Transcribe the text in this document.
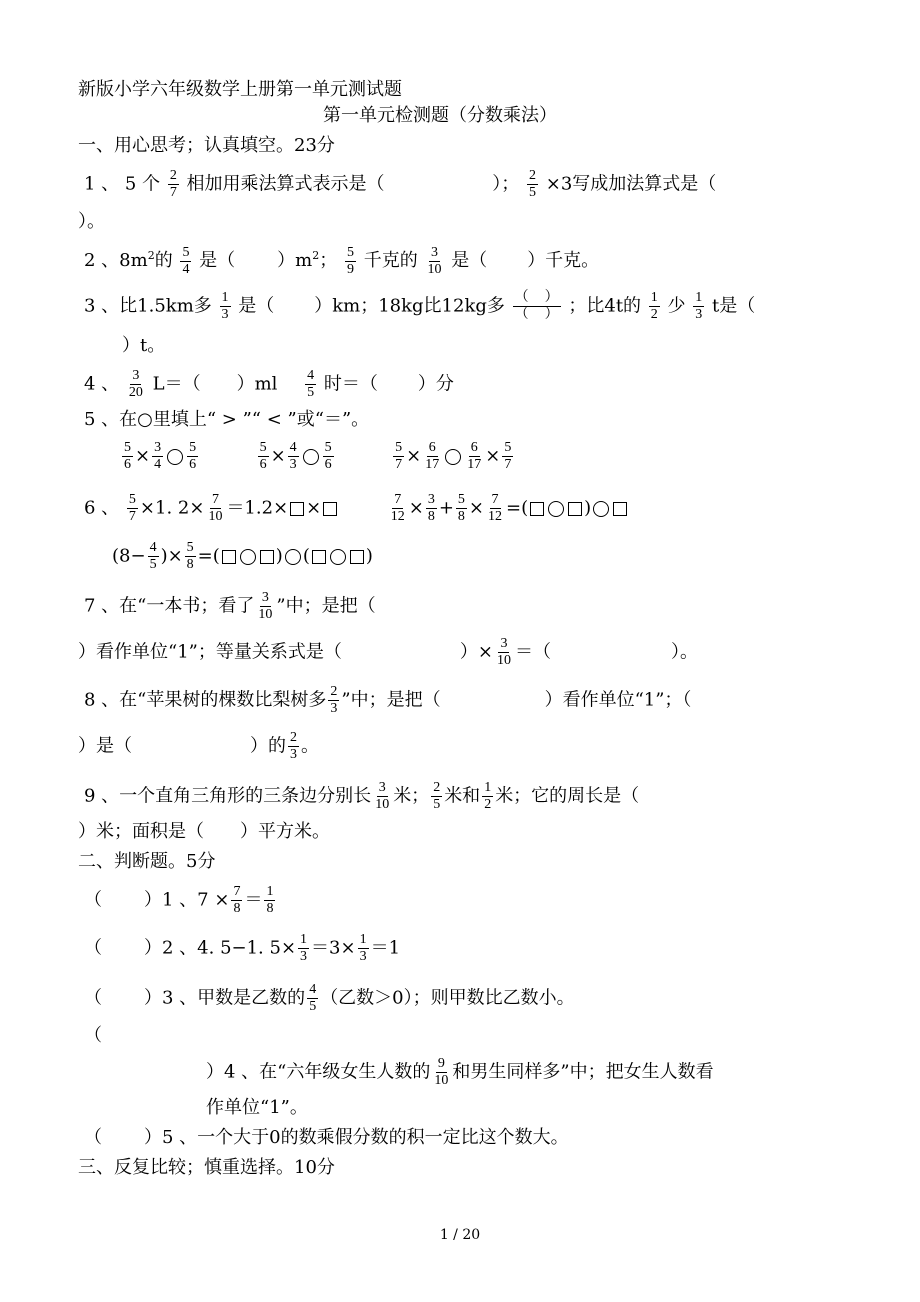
新版小学六年级数学上册第一单元测试题
第一单元检测题（分数乘法）
一、用心思考；认真填空。23分
1 、 5 个 $\frac{2}{7}$ 相加用乘法算式表示是（	）； $\frac{2}{5} \times 3$写成加法算式是（
）。
2 、$8m^2$的 $\frac{5}{4}$ 是（ ）$m^2$； $\frac{5}{9}$ 千克的 $\frac{3}{10}$ 是（ ）千克。
3 、比1.5km多 $\frac{1}{3}$ 是（ ）km；18kg比12kg多 $\frac{( )}{( )}$ ；比4t的 $\frac{1}{2}$ 少 $\frac{1}{3}$ t是（
）t。
4 、 $\frac{3}{20} L=$（ ）$ml \frac{4}{5}$ 时＝（ ）分
5 、在○里填上“ > ”“ < ”或“＝”。
$\frac{5}{6} \times \frac{3}{4} \frac{5}{6}$
	$\frac{5}{6} \times \frac{4}{3} \frac{5}{6}$
	$\frac{5}{7} \times \frac{6}{17} \frac{6}{17} \times \frac{5}{7}$
6 、 $\frac{5}{7} \times 1$. $2\times \frac{7}{10} =1.2\times$ ×	$\frac{7}{12} \times \frac{3}{8} + \frac{5}{8} \times \frac{7}{12}$ =(	)
($8- \frac{4}{5}$ )× $\frac{5}{8}$ =(	) (	)
7 、在“一本书；看了 $\frac{3}{10}$ ”中；是把（
）看作单位“1”；等量关系式是（	）× $\frac{3}{10}$ ＝（	）。
8 、在“苹果树的棵数比梨树多 $\frac{2}{3}$ ”中；是把（	）看作单位“1”；（
）是（	）的 $\frac{2}{3}$ 。
9 、一个直角三角形的三条边分别长 $\frac{3}{10}$ 米； $\frac{2}{5}$ 米和 $\frac{1}{2}$ 米；它的周长是（
）米；面积是（ ）平方米。
二、判断题。5分
（ ）1 、$7 \times \frac{7}{8} = \frac{1}{8}$
（ ）2 、4. 5−1. $5\times \frac{1}{3} =3\times \frac{1}{3} =1$
（ ）3 、甲数是乙数的 $\frac{4}{5}$ （乙数＞0）；则甲数比乙数小。
（
）4 、在“六年级女生人数的 $\frac{9}{10}$ 和男生同样多”中；把女生人数看
作单位“1”。
（ ）5 、一个大于0的数乘假分数的积一定比这个数大。
三、反复比较；慎重选择。10分
1 / 20
